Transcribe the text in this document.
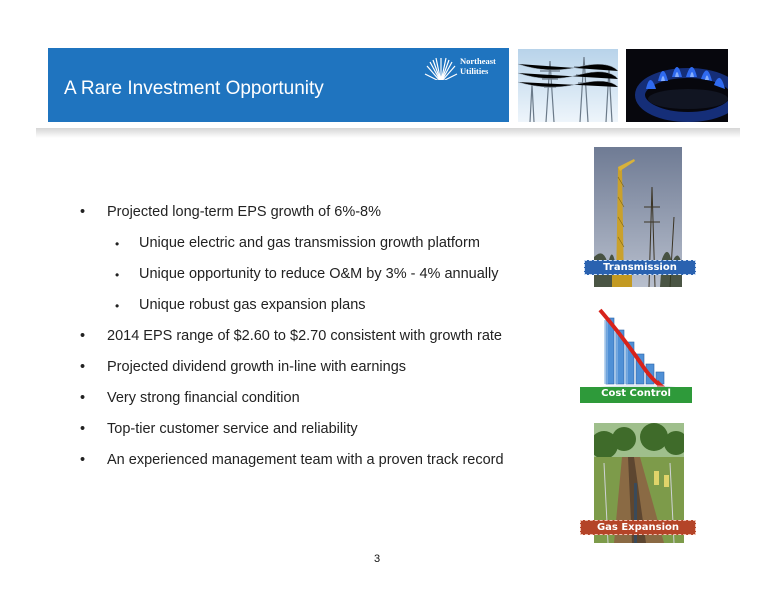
A Rare Investment Opportunity
Northeast
Utilities
• Projected long-term EPS growth of 6%-8%
• Unique electric and gas transmission growth platform
• Unique opportunity to reduce O&M by 3% - 4% annually
• Unique robust gas expansion plans
• 2014 EPS range of $2.60 to $2.70 consistent with growth rate
• Projected dividend growth in-line with earnings
• Very strong financial condition
• Top-tier customer service and reliability
• An experienced management team with a proven track record
Transmission
Cost Control
Gas Expansion
3
